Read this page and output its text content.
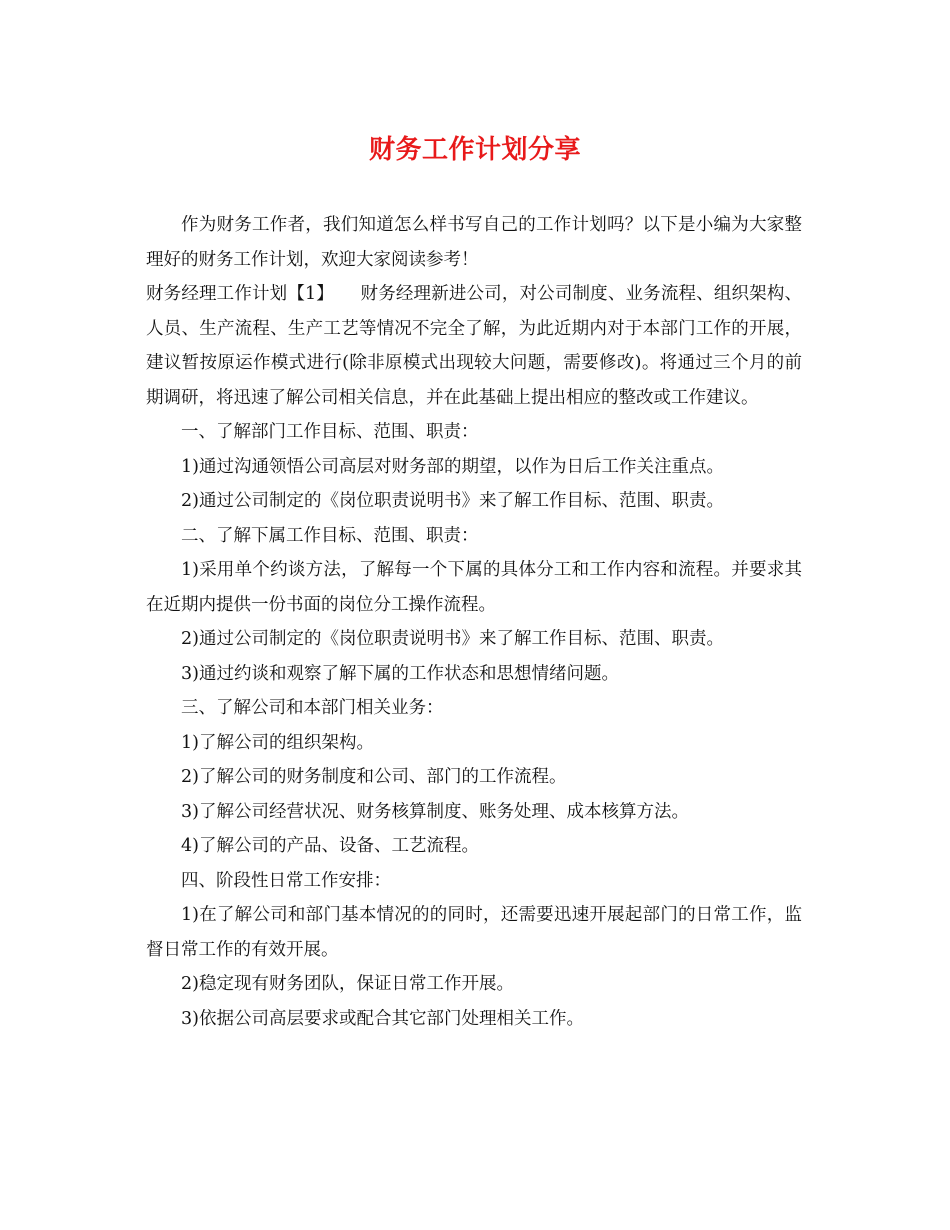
财务工作计划分享

作为财务工作者，我们知道怎么样书写自己的工作计划吗？以下是小编为大家整理好的财务工作计划，欢迎大家阅读参考！

财务经理工作计划【1】　　财务经理新进公司，对公司制度、业务流程、组织架构、人员、生产流程、生产工艺等情况不完全了解，为此近期内对于本部门工作的开展，建议暂按原运作模式进行(除非原模式出现较大问题，需要修改)。将通过三个月的前期调研，将迅速了解公司相关信息，并在此基础上提出相应的整改或工作建议。

一、了解部门工作目标、范围、职责：

1)通过沟通领悟公司高层对财务部的期望，以作为日后工作关注重点。

2)通过公司制定的《岗位职责说明书》来了解工作目标、范围、职责。

二、了解下属工作目标、范围、职责：

1)采用单个约谈方法，了解每一个下属的具体分工和工作内容和流程。并要求其在近期内提供一份书面的岗位分工操作流程。

2)通过公司制定的《岗位职责说明书》来了解工作目标、范围、职责。

3)通过约谈和观察了解下属的工作状态和思想情绪问题。

三、了解公司和本部门相关业务：

1)了解公司的组织架构。

2)了解公司的财务制度和公司、部门的工作流程。

3)了解公司经营状况、财务核算制度、账务处理、成本核算方法。

4)了解公司的产品、设备、工艺流程。

四、阶段性日常工作安排：

1)在了解公司和部门基本情况的的同时，还需要迅速开展起部门的日常工作，监督日常工作的有效开展。

2)稳定现有财务团队，保证日常工作开展。

3)依据公司高层要求或配合其它部门处理相关工作。
